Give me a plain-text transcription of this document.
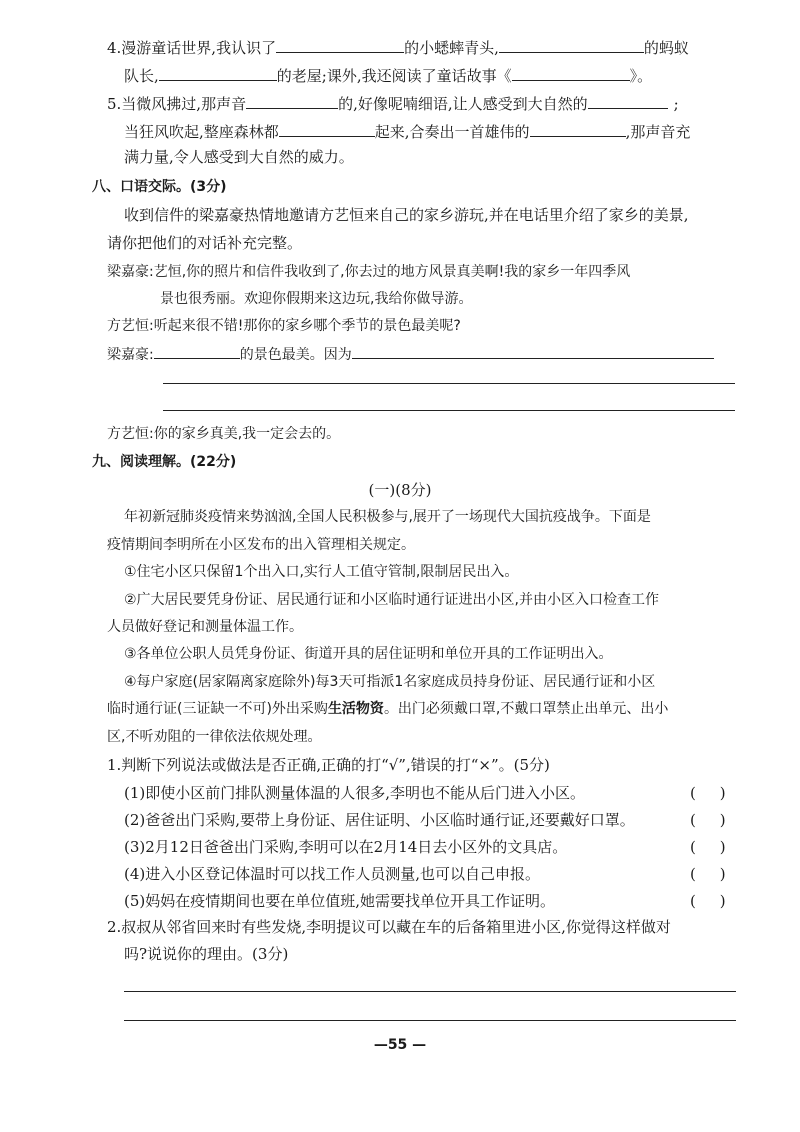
4.漫游童话世界,我认识了	的小蟋蟀青头,	的蚂蚁
队长,	的老屋;课外,我还阅读了童话故事《	》。
5.当微风拂过,那声音	的,好像呢喃细语,让人感受到大自然的	;
当狂风吹起,整座森林都	起来,合奏出一首雄伟的	,那声音充
满力量,令人感受到大自然的威力。
八、口语交际。(3分)
收到信件的梁嘉豪热情地邀请方艺恒来自己的家乡游玩,并在电话里介绍了家乡的美景,
请你把他们的对话补充完整。
梁嘉豪:艺恒,你的照片和信件我收到了,你去过的地方风景真美啊!我的家乡一年四季风
景也很秀丽。欢迎你假期来这边玩,我给你做导游。
方艺恒:听起来很不错!那你的家乡哪个季节的景色最美呢?
梁嘉豪:	的景色最美。因为
方艺恒:你的家乡真美,我一定会去的。
九、阅读理解。(22分)
(一)(8分)
年初新冠肺炎疫情来势汹汹,全国人民积极参与,展开了一场现代大国抗疫战争。下面是
疫情期间李明所在小区发布的出入管理相关规定。
①住宅小区只保留1个出入口,实行人工值守管制,限制居民出入。
②广大居民要凭身份证、居民通行证和小区临时通行证进出小区,并由小区入口检查工作
人员做好登记和测量体温工作。
③各单位公职人员凭身份证、街道开具的居住证明和单位开具的工作证明出入。
④每户家庭(居家隔离家庭除外)每3天可指派1名家庭成员持身份证、居民通行证和小区
临时通行证(三证缺一不可)外出采购生活物资。出门必须戴口罩,不戴口罩禁止出单元、出小
区,不听劝阻的一律依法依规处理。
1.判断下列说法或做法是否正确,正确的打“√”,错误的打“×”。(5分)
(1)即使小区前门排队测量体温的人很多,李明也不能从后门进入小区。	(     )
(2)爸爸出门采购,要带上身份证、居住证明、小区临时通行证,还要戴好口罩。	(     )
(3)2月12日爸爸出门采购,李明可以在2月14日去小区外的文具店。	(     )
(4)进入小区登记体温时可以找工作人员测量,也可以自己申报。	(     )
(5)妈妈在疫情期间也要在单位值班,她需要找单位开具工作证明。	(     )
2.叔叔从邻省回来时有些发烧,李明提议可以藏在车的后备箱里进小区,你觉得这样做对
吗?说说你的理由。(3分)
—55 —
